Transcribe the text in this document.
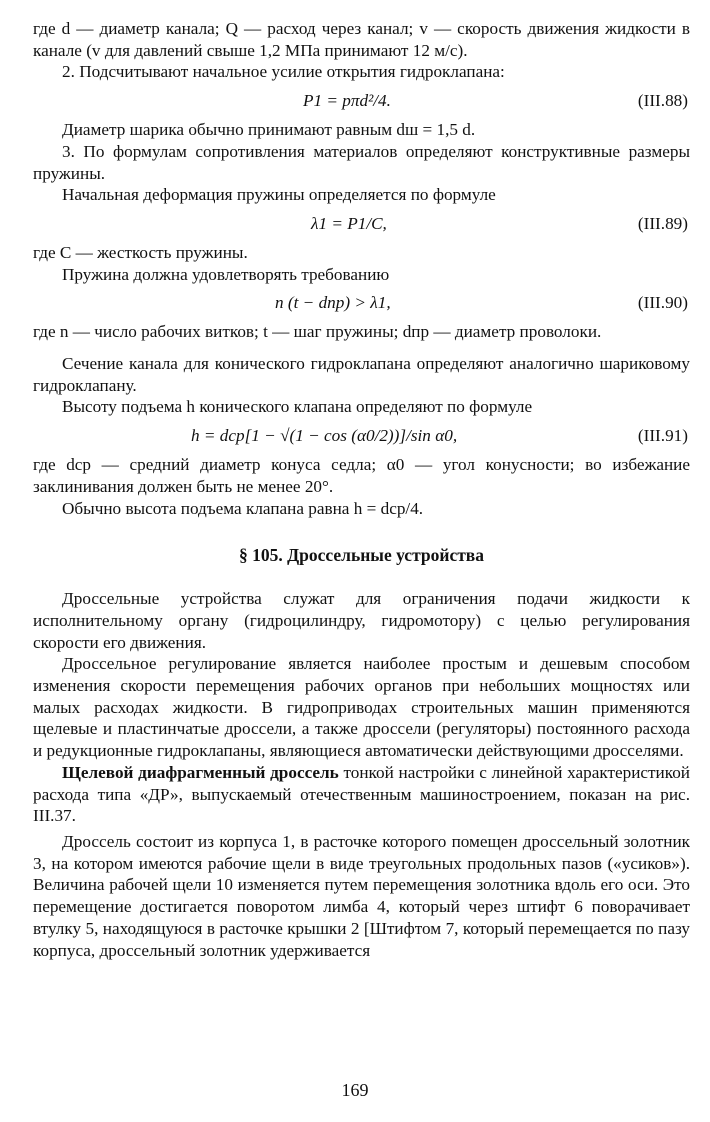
где d — диаметр канала; Q — расход через канал; v — скорость движения жидкости в канале (v для давлений свыше 1,2 МПа принимают 12 м/с).

2. Подсчитывают начальное усилие открытия гидроклапана:

P1 = pπd²/4.	(III.88)

Диаметр шарика обычно принимают равным dш = 1,5 d.

3. По формулам сопротивления материалов определяют конструктивные размеры пружины.

Начальная деформация пружины определяется по формуле

λ1 = P1/C,	(III.89)

где C — жесткость пружины.

Пружина должна удовлетворять требованию

n (t − dпр) > λ1,	(III.90)

где n — число рабочих витков; t — шаг пружины; dпр — диаметр проволоки.

Сечение канала для конического гидроклапана определяют аналогично шариковому гидроклапану.

Высоту подъема h конического клапана определяют по формуле

h = dср[1 − √(1 − cos (α0/2))]/sin α0,	(III.91)

где dср — средний диаметр конуса седла; α0 — угол конусности; во избежание заклинивания должен быть не менее 20°.

Обычно высота подъема клапана равна h = dср/4.

§ 105. Дроссельные устройства

Дроссельные устройства служат для ограничения подачи жидкости к исполнительному органу (гидроцилиндру, гидромотору) с целью регулирования скорости его движения.

Дроссельное регулирование является наиболее простым и дешевым способом изменения скорости перемещения рабочих органов при небольших мощностях или малых расходах жидкости. В гидроприводах строительных машин применяются щелевые и пластинчатые дроссели, а также дроссели (регуляторы) постоянного расхода и редукционные гидроклапаны, являющиеся автоматически действующими дросселями.

Щелевой диафрагменный дроссель тонкой настройки с линейной характеристикой расхода типа «ДР», выпускаемый отечественным машиностроением, показан на рис. III.37.

Дроссель состоит из корпуса 1, в расточке которого помещен дроссельный золотник 3, на котором имеются рабочие щели в виде треугольных продольных пазов («усиков»). Величина рабочей щели 10 изменяется путем перемещения золотника вдоль его оси. Это перемещение достигается поворотом лимба 4, который через штифт 6 поворачивает втулку 5, находящуюся в расточке крышки 2 [Штифтом 7, который перемещается по пазу корпуса, дроссельный золотник удерживается

169
